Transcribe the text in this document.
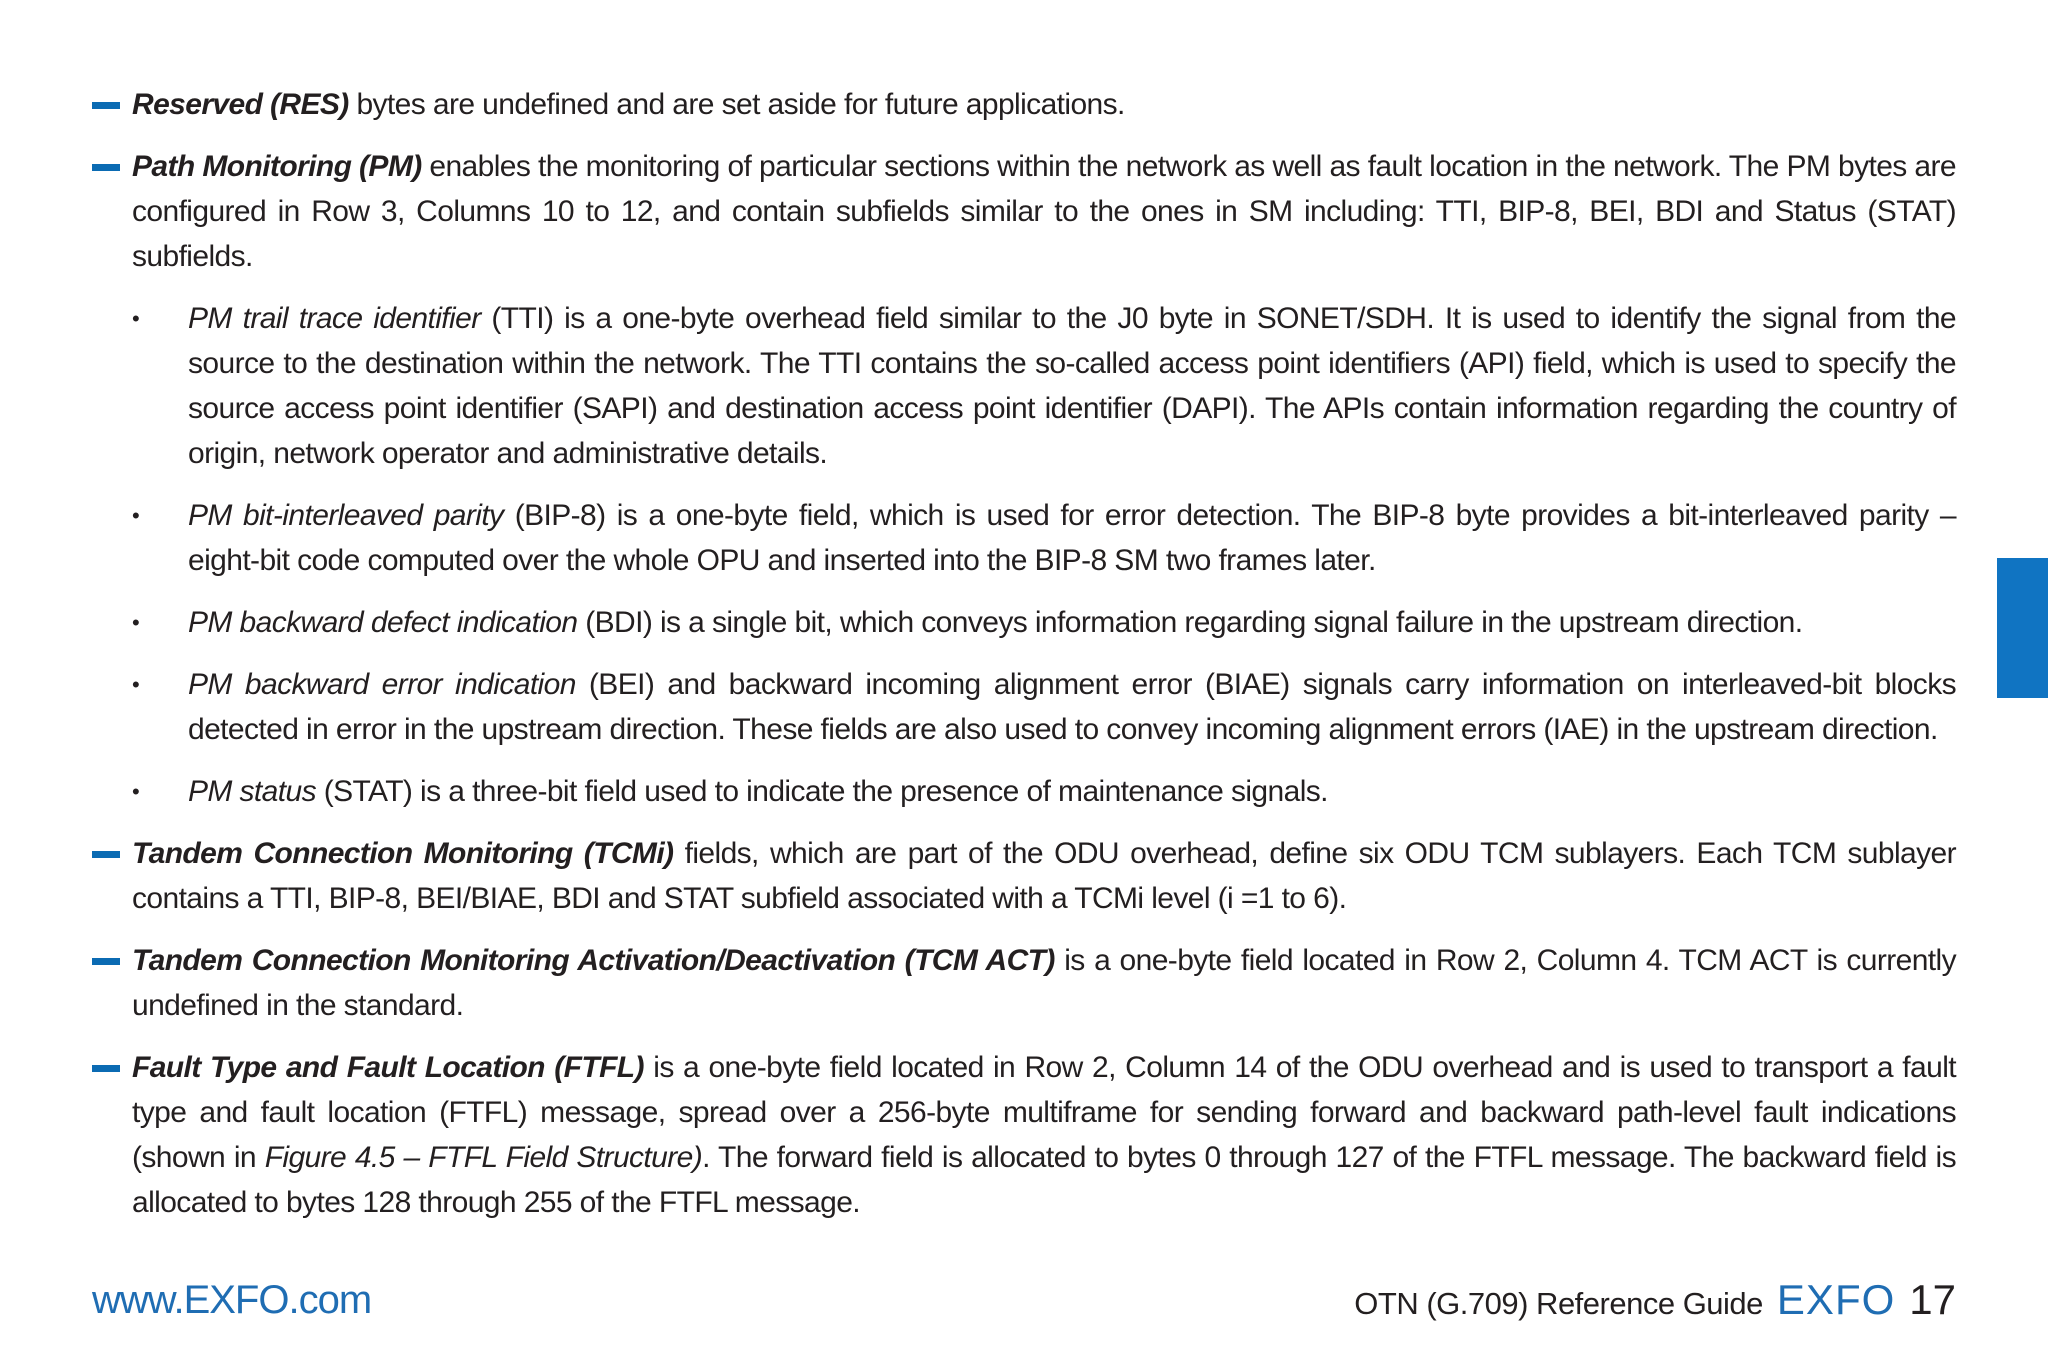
Reserved (RES) bytes are undefined and are set aside for future applications.
Path Monitoring (PM) enables the monitoring of particular sections within the network as well as fault location in the network. The PM bytes are configured in Row 3, Columns 10 to 12, and contain subfields similar to the ones in SM including: TTI, BIP-8, BEI, BDI and Status (STAT) subfields.
• PM trail trace identifier (TTI) is a one-byte overhead field similar to the J0 byte in SONET/SDH. It is used to identify the signal from the source to the destination within the network. The TTI contains the so-called access point identifiers (API) field, which is used to specify the source access point identifier (SAPI) and destination access point identifier (DAPI). The APIs contain information regarding the country of origin, network operator and administrative details.
• PM bit-interleaved parity (BIP-8) is a one-byte field, which is used for error detection. The BIP-8 byte provides a bit-interleaved parity – eight-bit code computed over the whole OPU and inserted into the BIP-8 SM two frames later.
• PM backward defect indication (BDI) is a single bit, which conveys information regarding signal failure in the upstream direction.
• PM backward error indication (BEI) and backward incoming alignment error (BIAE) signals carry information on interleaved-bit blocks detected in error in the upstream direction. These fields are also used to convey incoming alignment errors (IAE) in the upstream direction.
• PM status (STAT) is a three-bit field used to indicate the presence of maintenance signals.
Tandem Connection Monitoring (TCMi) fields, which are part of the ODU overhead, define six ODU TCM sublayers. Each TCM sublayer contains a TTI, BIP-8, BEI/BIAE, BDI and STAT subfield associated with a TCMi level (i =1 to 6).
Tandem Connection Monitoring Activation/Deactivation (TCM ACT) is a one-byte field located in Row 2, Column 4. TCM ACT is currently undefined in the standard.
Fault Type and Fault Location (FTFL) is a one-byte field located in Row 2, Column 14 of the ODU overhead and is used to transport a fault type and fault location (FTFL) message, spread over a 256-byte multiframe for sending forward and backward path-level fault indications (shown in Figure 4.5 – FTFL Field Structure). The forward field is allocated to bytes 0 through 127 of the FTFL message. The backward field is allocated to bytes 128 through 255 of the FTFL message.
www.EXFO.com	OTN (G.709) Reference Guide EXFO 17
